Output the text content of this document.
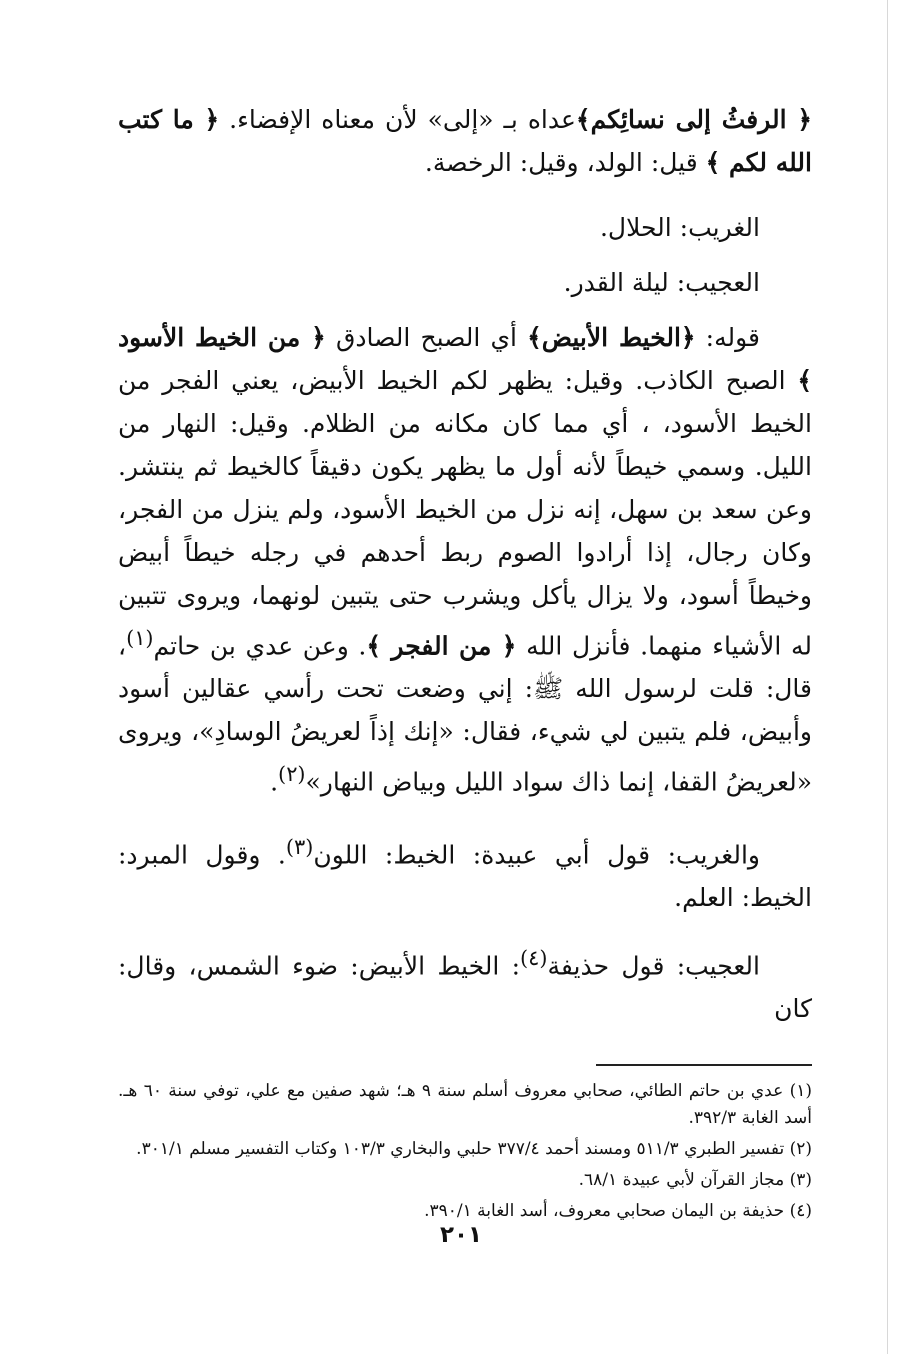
﴿ الرفثُ إلى نسائِكم﴾عداه بـ «إلى» لأن معناه الإفضاء. ﴿ ما كتب الله لكم ﴾ قيل: الولد، وقيل: الرخصة.

الغريب: الحلال.

العجيب: ليلة القدر.

قوله: ﴿الخيط الأبيض﴾ أي الصبح الصادق ﴿ من الخيط الأسود ﴾ الصبح الكاذب. وقيل: يظهر لكم الخيط الأبيض، يعني الفجر من الخيط الأسود، ، أي مما كان مكانه من الظلام. وقيل: النهار من الليل. وسمي خيطاً لأنه أول ما يظهر يكون دقيقاً كالخيط ثم ينتشر. وعن سعد بن سهل، إنه نزل من الخيط الأسود، ولم ينزل من الفجر، وكان رجال، إذا أرادوا الصوم ربط أحدهم في رجله خيطاً أبيض وخيطاً أسود، ولا يزال يأكل ويشرب حتى يتبين لونهما، ويروى تتبين له الأشياء منهما. فأنزل الله ﴿ من الفجر ﴾. وعن عدي بن حاتم$^{(١)}$، قال: قلت لرسول الله ﷺ: إني وضعت تحت رأسي عقالين أسود وأبيض، فلم يتبين لي شيء، فقال: «إنك إذاً لعريضُ الوسادِ»، ويروى «لعريضُ القفا، إنما ذاك سواد الليل وبياض النهار»$^{(٢)}$.

والغريب: قول أبي عبيدة: الخيط: اللون$^{(٣)}$. وقول المبرد: الخيط: العلم.

العجيب: قول حذيفة$^{(٤)}$: الخيط الأبيض: ضوء الشمس، وقال: كان

(١) عدي بن حاتم الطائي، صحابي معروف أسلم سنة ٩ هـ؛ شهد صفين مع علي، توفي سنة ٦٠ هـ. أسد الغابة ٣٩٢/٣.

(٢) تفسير الطبري ٥١١/٣ ومسند أحمد ٣٧٧/٤ حلبي والبخاري ١٠٣/٣ وكتاب التفسير مسلم ٣٠١/١.

(٣) مجاز القرآن لأبي عبيدة ٦٨/١.

(٤) حذيفة بن اليمان صحابي معروف، أسد الغابة ٣٩٠/١.

٢٠١
